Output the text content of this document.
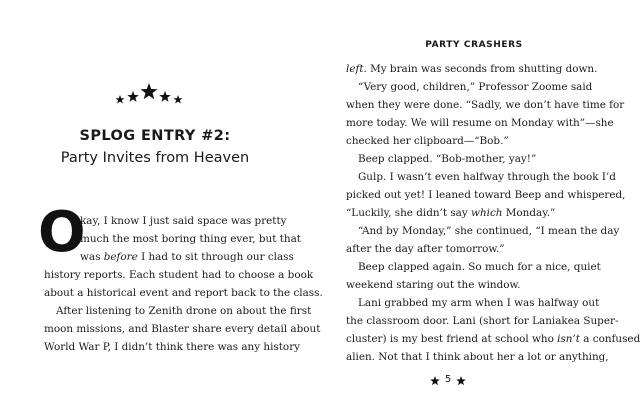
SPLOG ENTRY #2:
Party Invites from Heaven
O
kay, I know I just said space was pretty
much the most boring thing ever, but that
was before I had to sit through our class
history reports. Each student had to choose a book
about a historical event and report back to the class.
After listening to Zenith drone on about the first
moon missions, and Blaster share every detail about
World War P, I didn’t think there was any history
PARTY CRASHERS
left. My brain was seconds from shutting down.
“Very good, children,” Professor Zoome said
when they were done. “Sadly, we don’t have time for
more today. We will resume on Monday with”—she
checked her clipboard—“Bob.”
Beep clapped. “Bob-mother, yay!”
Gulp. I wasn’t even halfway through the book I’d
picked out yet! I leaned toward Beep and whispered,
“Luckily, she didn’t say which Monday.”
“And by Monday,” she continued, “I mean the day
after the day after tomorrow.”
Beep clapped again. So much for a nice, quiet
weekend staring out the window.
Lani grabbed my arm when I was halfway out
the classroom door. Lani (short for Laniakea Super-
cluster) is my best friend at school who isn’t a confused
alien. Not that I think about her a lot or anything,
5
